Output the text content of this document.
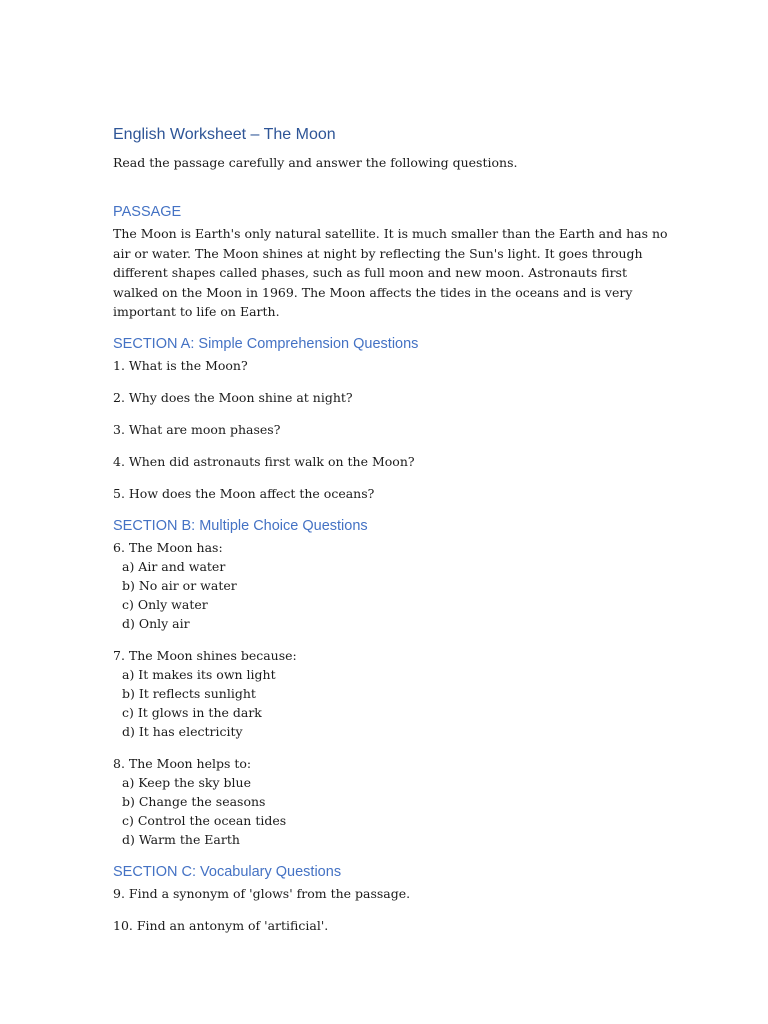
English Worksheet – The Moon
Read the passage carefully and answer the following questions.
PASSAGE
The Moon is Earth's only natural satellite. It is much smaller than the Earth and has no air or water. The Moon shines at night by reflecting the Sun's light. It goes through different shapes called phases, such as full moon and new moon. Astronauts first walked on the Moon in 1969. The Moon affects the tides in the oceans and is very important to life on Earth.
SECTION A: Simple Comprehension Questions
1. What is the Moon?
2. Why does the Moon shine at night?
3. What are moon phases?
4. When did astronauts first walk on the Moon?
5. How does the Moon affect the oceans?
SECTION B: Multiple Choice Questions
6. The Moon has:
a) Air and water
b) No air or water
c) Only water
d) Only air
7. The Moon shines because:
a) It makes its own light
b) It reflects sunlight
c) It glows in the dark
d) It has electricity
8. The Moon helps to:
a) Keep the sky blue
b) Change the seasons
c) Control the ocean tides
d) Warm the Earth
SECTION C: Vocabulary Questions
9. Find a synonym of 'glows' from the passage.
10. Find an antonym of 'artificial'.
